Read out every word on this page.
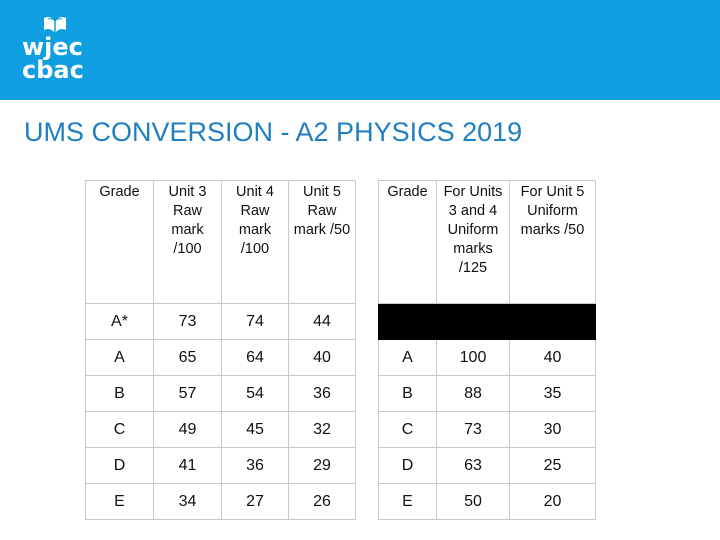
wjec
cbac
UMS CONVERSION - A2 PHYSICS 2019
Grade	Unit 3 Raw mark /100	Unit 4 Raw mark /100	Unit 5 Raw mark /50

A*	73	74	44
A	65	64	40
B	57	54	36
C	49	45	32
D	41	36	29
E	34	27	26
Grade	For Units 3 and 4 Uniform marks /125	For Unit 5 Uniform marks /50

A	100	40
B	88	35
C	73	30
D	63	25
E	50	20
